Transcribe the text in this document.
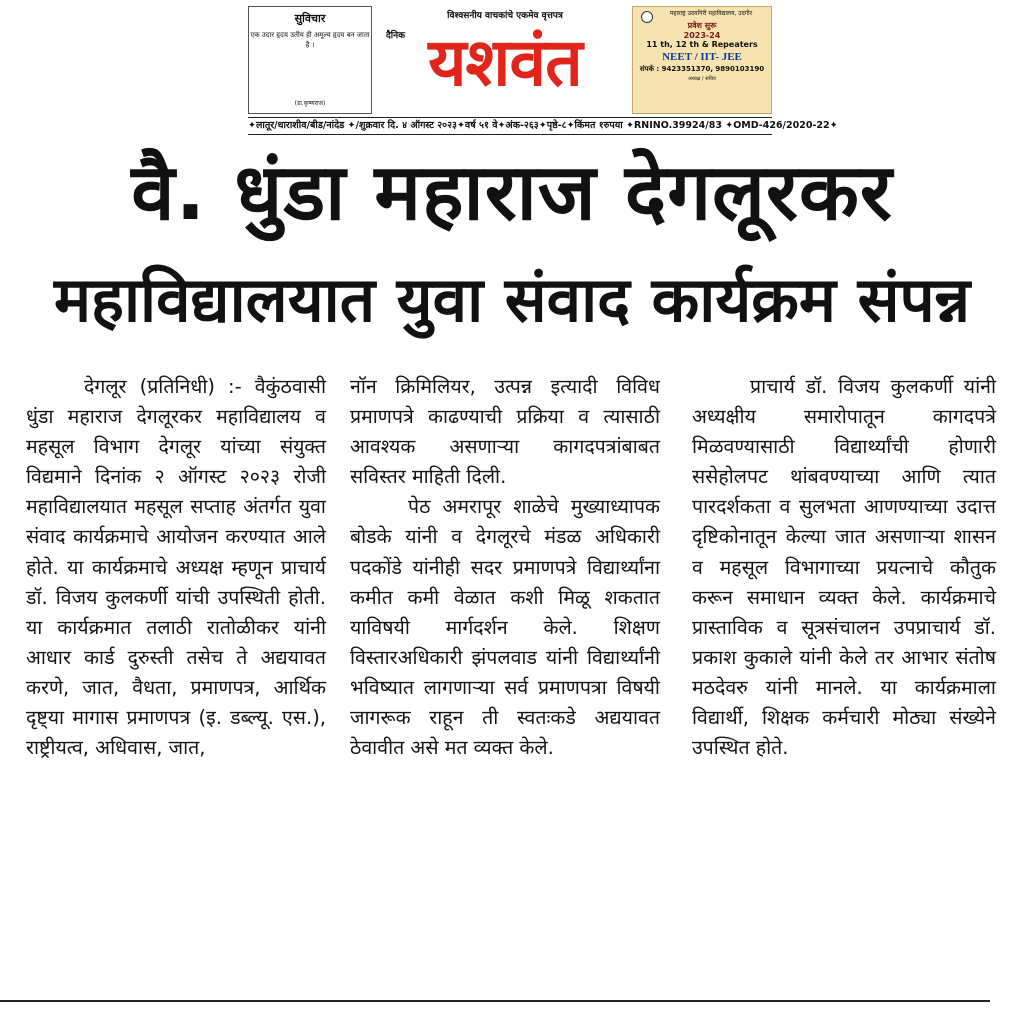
सुविचार
एक उदार हृदय उतीय ही अमूल्य हृदय बन जाता है ।
(डा.कृष्णराज)
विश्वसनीय वाचकांचे एकमेव वृत्तपत्र
दैनिक यशवंत
महाराष्ट्र उदयगिरी महाविद्यालय, उदगीर
प्रवेश सुरू
2023-24
11 th, 12 th & Repeaters
NEET / IIT- JEE
संपर्क : 9423351370, 9890103190
अध्यक्ष / सचिव
✦लातूर/धाराशीव/बीड/नांदेड ✦/शुक्रवार दि. ४ ऑगस्ट २०२३✦वर्ष ५१ वे✦अंक-२६३✦पृष्ठे-८✦किंमत १रुपया ✦RNINO.39924/83 ✦OMD-426/2020-22✦
वै. धुंडा महाराज देगलूरकर
महाविद्यालयात युवा संवाद कार्यक्रम संपन्न

देगलूर (प्रतिनिधी) :- वैकुंठवासी धुंडा महाराज देगलूरकर महाविद्यालय व महसूल विभाग देगलूर यांच्या संयुक्त विद्यमाने दिनांक २ ऑगस्ट २०२३ रोजी महाविद्यालयात महसूल सप्ताह अंतर्गत युवा संवाद कार्यक्रमाचे आयोजन करण्यात आले होते. या कार्यक्रमाचे अध्यक्ष म्हणून प्राचार्य डॉ. विजय कुलकर्णी यांची उपस्थिती होती. या कार्यक्रमात तलाठी रातोळीकर यांनी आधार कार्ड दुरुस्ती तसेच ते अद्ययावत करणे, जात, वैधता, प्रमाणपत्र, आर्थिक दृष्ट्या मागास प्रमाणपत्र (इ. डब्ल्यू. एस.), राष्ट्रीयत्व, अधिवास, जात,

नॉन क्रिमिलियर, उत्पन्न इत्यादी विविध प्रमाणपत्रे काढण्याची प्रक्रिया व त्यासाठी आवश्यक असणाऱ्या कागदपत्रांबाबत सविस्तर माहिती दिली.

पेठ अमरापूर शाळेचे मुख्याध्यापक बोडके यांनी व देगलूरचे मंडळ अधिकारी पदकोंडे यांनीही सदर प्रमाणपत्रे विद्यार्थ्यांना कमीत कमी वेळात कशी मिळू शकतात याविषयी मार्गदर्शन केले. शिक्षण विस्तारअधिकारी झंपलवाड यांनी विद्यार्थ्यांनी भविष्यात लागणाऱ्या सर्व प्रमाणपत्रा विषयी जागरूक राहून ती स्वतःकडे अद्ययावत ठेवावीत असे मत व्यक्त केले.

प्राचार्य डॉ. विजय कुलकर्णी यांनी अध्यक्षीय समारोपातून कागदपत्रे मिळवण्यासाठी विद्यार्थ्यांची होणारी ससेहोलपट थांबवण्याच्या आणि त्यात पारदर्शकता व सुलभता आणण्याच्या उदात्त दृष्टिकोनातून केल्या जात असणाऱ्या शासन व महसूल विभागाच्या प्रयत्नाचे कौतुक करून समाधान व्यक्त केले. कार्यक्रमाचे प्रास्ताविक व सूत्रसंचालन उपप्राचार्य डॉ. प्रकाश कुकाले यांनी केले तर आभार संतोष मठदेवरु यांनी मानले. या कार्यक्रमाला विद्यार्थी, शिक्षक कर्मचारी मोठ्या संख्येने उपस्थित होते.
